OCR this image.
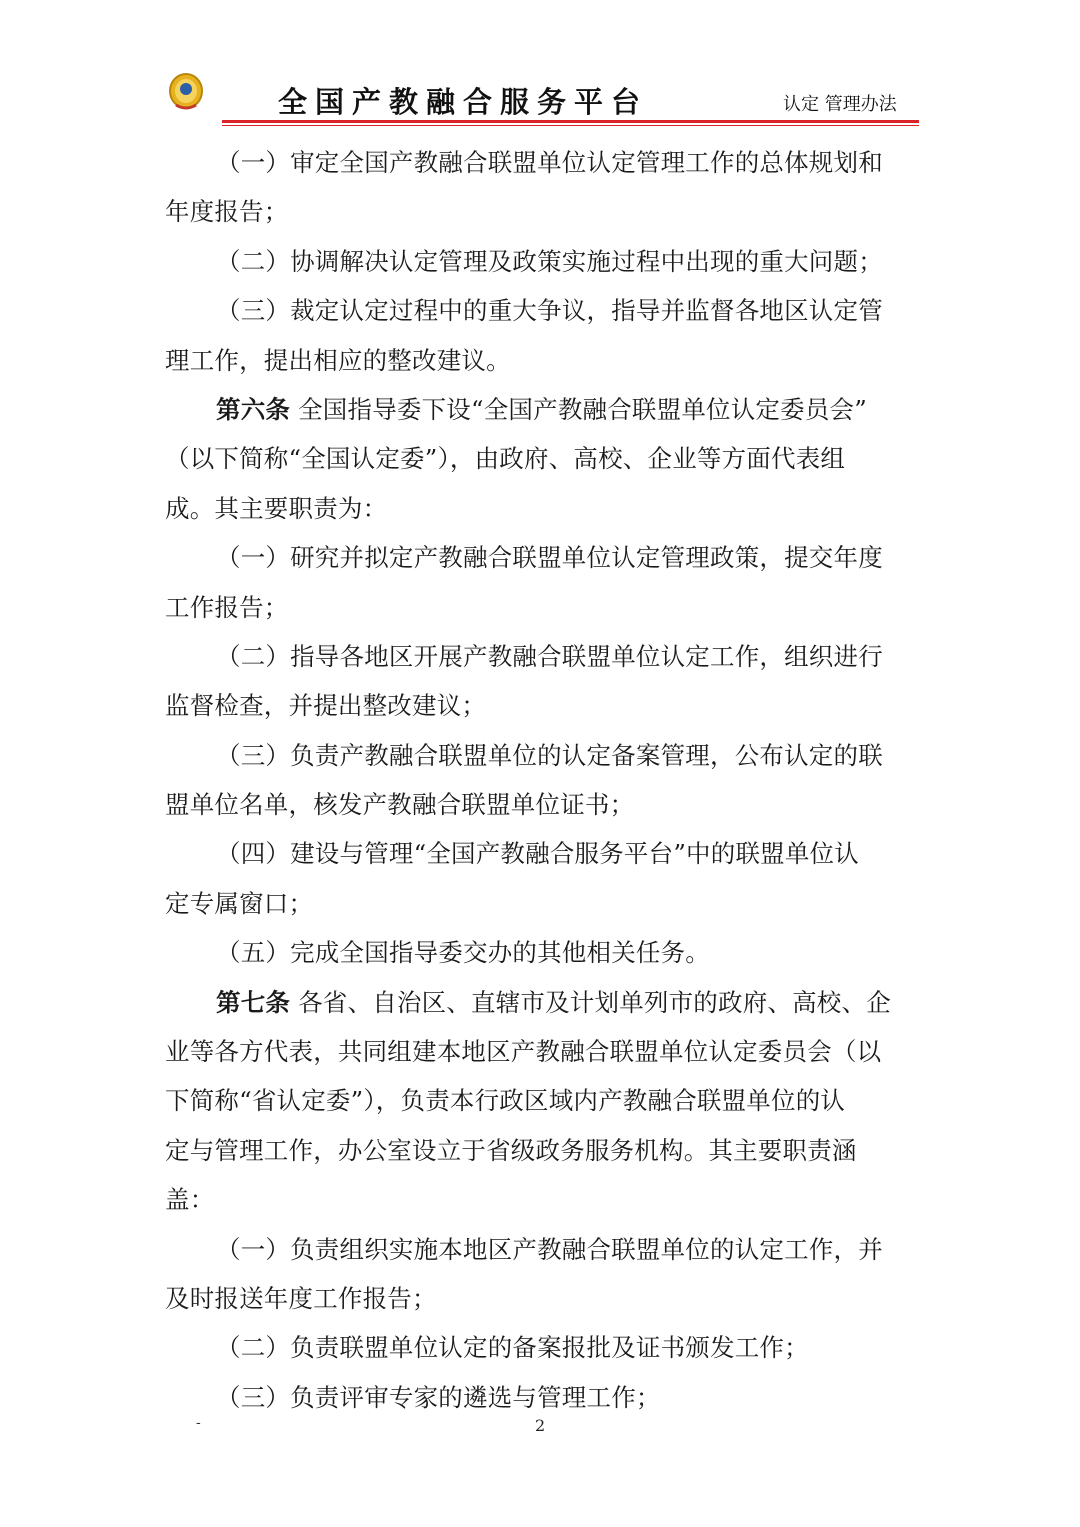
全国产教融合服务平台	认定 管理办法
（一）审定全国产教融合联盟单位认定管理工作的总体规划和
年度报告；
（二）协调解决认定管理及政策实施过程中出现的重大问题；
（三）裁定认定过程中的重大争议，指导并监督各地区认定管
理工作，提出相应的整改建议。
第六条 全国指导委下设“全国产教融合联盟单位认定委员会”
（以下简称“全国认定委”），由政府、高校、企业等方面代表组
成。其主要职责为：
（一）研究并拟定产教融合联盟单位认定管理政策，提交年度
工作报告；
（二）指导各地区开展产教融合联盟单位认定工作，组织进行
监督检查，并提出整改建议；
（三）负责产教融合联盟单位的认定备案管理，公布认定的联
盟单位名单，核发产教融合联盟单位证书；
（四）建设与管理“全国产教融合服务平台”中的联盟单位认
定专属窗口；
（五）完成全国指导委交办的其他相关任务。
第七条 各省、自治区、直辖市及计划单列市的政府、高校、企
业等各方代表，共同组建本地区产教融合联盟单位认定委员会（以
下简称“省认定委”），负责本行政区域内产教融合联盟单位的认
定与管理工作，办公室设立于省级政务服务机构。其主要职责涵
盖：
（一）负责组织实施本地区产教融合联盟单位的认定工作，并
及时报送年度工作报告；
（二）负责联盟单位认定的备案报批及证书颁发工作；
（三）负责评审专家的遴选与管理工作；
-	2
